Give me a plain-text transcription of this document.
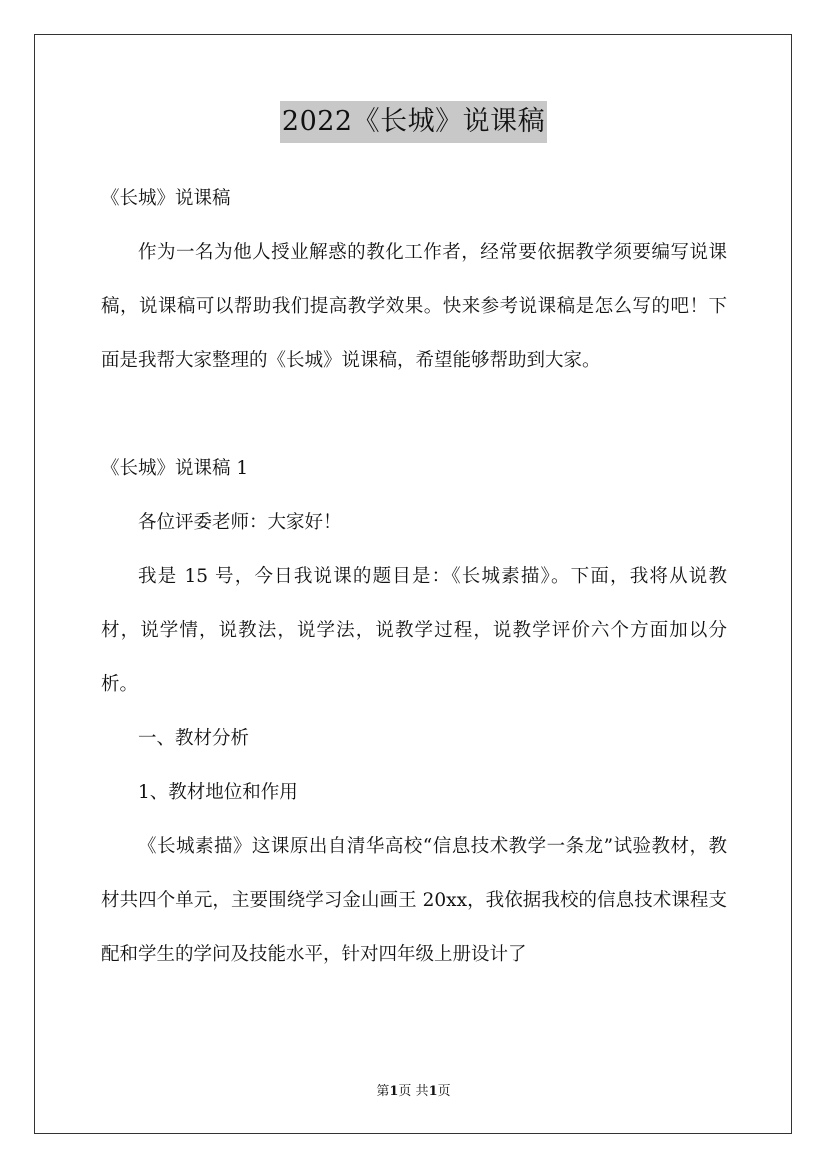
2022《长城》说课稿
《长城》说课稿
作为一名为他人授业解惑的教化工作者，经常要依据教学须要编写说课稿，说课稿可以帮助我们提高教学效果。快来参考说课稿是怎么写的吧！下面是我帮大家整理的《长城》说课稿，希望能够帮助到大家。
《长城》说课稿 1
各位评委老师：大家好！
我是 15 号，今日我说课的题目是：《长城素描》。下面，我将从说教材，说学情，说教法，说学法，说教学过程，说教学评价六个方面加以分析。
一、教材分析
1、教材地位和作用
《长城素描》这课原出自清华高校“信息技术教学一条龙”试验教材，教材共四个单元，主要围绕学习金山画王 20xx，我依据我校的信息技术课程支配和学生的学问及技能水平，针对四年级上册设计了
第1页 共1页
